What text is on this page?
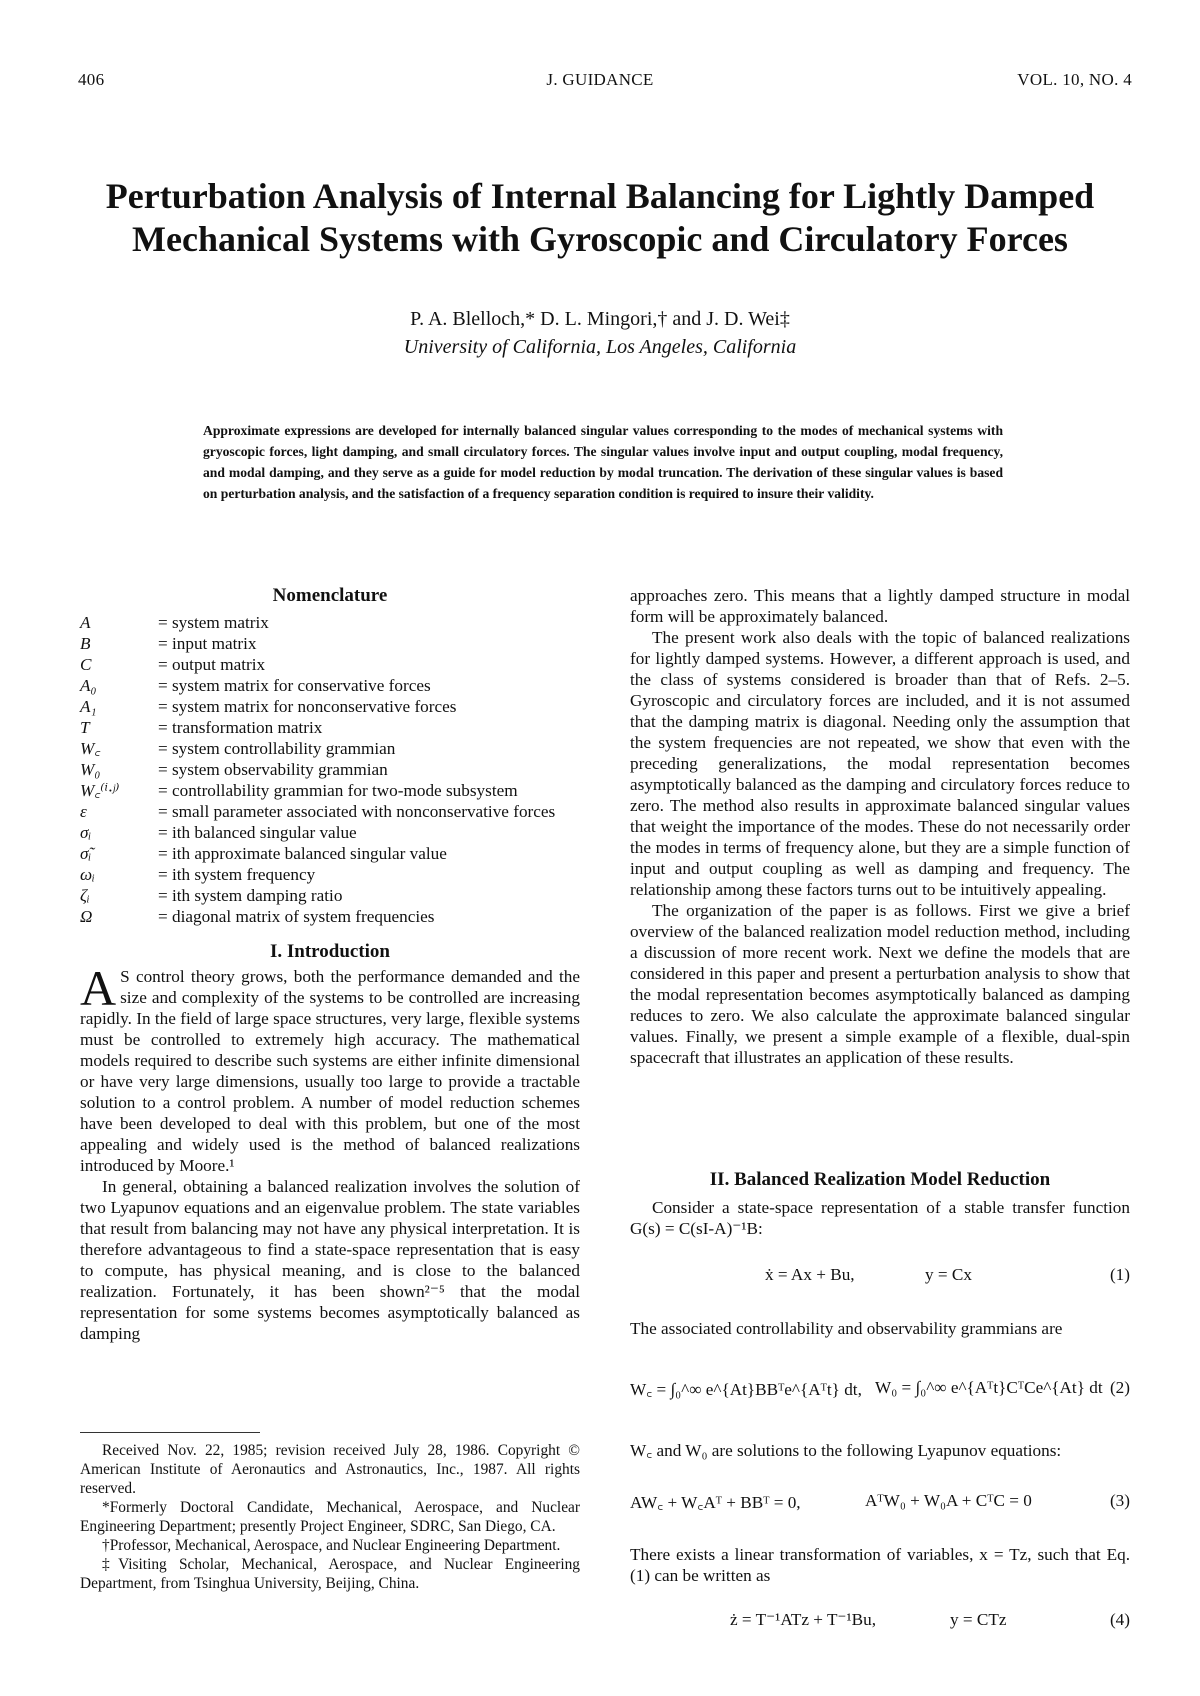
406	J. GUIDANCE	VOL. 10, NO. 4
Perturbation Analysis of Internal Balancing for Lightly Damped
Mechanical Systems with Gyroscopic and Circulatory Forces
P. A. Blelloch,* D. L. Mingori,† and J. D. Wei‡
University of California, Los Angeles, California
Approximate expressions are developed for internally balanced singular values corresponding to the modes of mechanical systems with gryoscopic forces, light damping, and small circulatory forces. The singular values involve input and output coupling, modal frequency, and modal damping, and they serve as a guide for model reduction by modal truncation. The derivation of these singular values is based on perturbation analysis, and the satisfaction of a frequency separation condition is required to insure their validity.
Nomenclature
A	= system matrix
B	= input matrix
C	= output matrix
A₀	= system matrix for conservative forces
A₁	= system matrix for nonconservative forces
T	= transformation matrix
W꜀	= system controllability grammian
W₀	= system observability grammian
W꜀⁽ⁱ·ʲ⁾	= controllability grammian for two-mode subsystem
ε	= small parameter associated with nonconservative forces
σᵢ	= ith balanced singular value
σ̃ᵢ	= ith approximate balanced singular value
ωᵢ	= ith system frequency
ζᵢ	= ith system damping ratio
Ω	= diagonal matrix of system frequencies
I. Introduction

A S control theory grows, both the performance demanded and the size and complexity of the systems to be controlled are increasing rapidly. In the field of large space structures, very large, flexible systems must be controlled to extremely high accuracy. The mathematical models required to describe such systems are either infinite dimensional or have very large dimensions, usually too large to provide a tractable solution to a control problem. A number of model reduction schemes have been developed to deal with this problem, but one of the most appealing and widely used is the method of balanced realizations introduced by Moore.¹

In general, obtaining a balanced realization involves the solution of two Lyapunov equations and an eigenvalue problem. The state variables that result from balancing may not have any physical interpretation. It is therefore advantageous to find a state-space representation that is easy to compute, has physical meaning, and is close to the balanced realization. Fortunately, it has been shown²⁻⁵ that the modal representation for some systems becomes asymptotically balanced as damping

Received Nov. 22, 1985; revision received July 28, 1986. Copyright © American Institute of Aeronautics and Astronautics, Inc., 1987. All rights reserved.

*Formerly Doctoral Candidate, Mechanical, Aerospace, and Nuclear Engineering Department; presently Project Engineer, SDRC, San Diego, CA.

†Professor, Mechanical, Aerospace, and Nuclear Engineering Department.

‡Visiting Scholar, Mechanical, Aerospace, and Nuclear Engineering Department, from Tsinghua University, Beijing, China.

approaches zero. This means that a lightly damped structure in modal form will be approximately balanced.

The present work also deals with the topic of balanced realizations for lightly damped systems. However, a different approach is used, and the class of systems considered is broader than that of Refs. 2–5. Gyroscopic and circulatory forces are included, and it is not assumed that the damping matrix is diagonal. Needing only the assumption that the system frequencies are not repeated, we show that even with the preceding generalizations, the modal representation becomes asymptotically balanced as the damping and circulatory forces reduce to zero. The method also results in approximate balanced singular values that weight the importance of the modes. These do not necessarily order the modes in terms of frequency alone, but they are a simple function of input and output coupling as well as damping and frequency. The relationship among these factors turns out to be intuitively appealing.

The organization of the paper is as follows. First we give a brief overview of the balanced realization model reduction method, including a discussion of more recent work. Next we define the models that are considered in this paper and present a perturbation analysis to show that the modal representation becomes asymptotically balanced as damping reduces to zero. We also calculate the approximate balanced singular values. Finally, we present a simple example of a flexible, dual-spin spacecraft that illustrates an application of these results.

II. Balanced Realization Model Reduction

Consider a state-space representation of a stable transfer function G(s) = C(sI-A)⁻¹B:

ẋ = Ax + Bu,	y = Cx	(1)
The associated controllability and observability grammians are
W꜀ = ∫₀^∞ e^{At}BBᵀe^{Aᵀt} dt, W₀ = ∫₀^∞ e^{Aᵀt}CᵀCe^{At} dt (2)
W꜀ and W₀ are solutions to the following Lyapunov equations:
AW꜀ + W꜀Aᵀ + BBᵀ = 0,	AᵀW₀ + W₀A + CᵀC = 0	(3)
There exists a linear transformation of variables, x = Tz, such that Eq. (1) can be written as
ż = T⁻¹ATz + T⁻¹Bu,	y = CTz	(4)
